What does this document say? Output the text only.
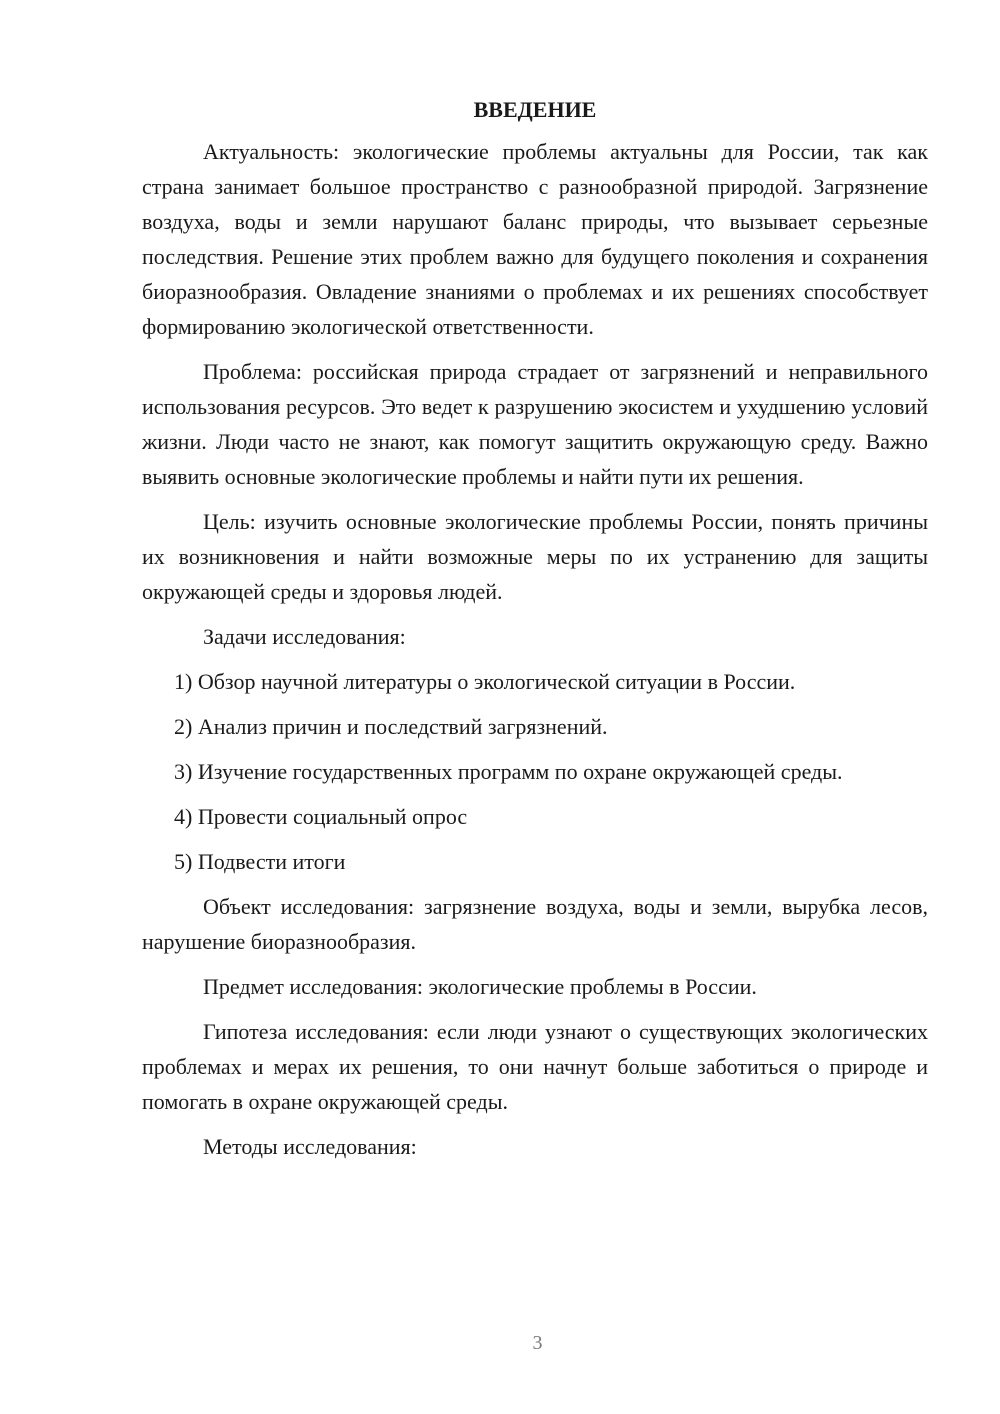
ВВЕДЕНИЕ

Актуальность: экологические проблемы актуальны для России, так как страна занимает большое пространство с разнообразной природой. Загрязнение воздуха, воды и земли нарушают баланс природы, что вызывает серьезные последствия. Решение этих проблем важно для будущего поколения и сохранения биоразнообразия. Овладение знаниями о проблемах и их решениях способствует формированию экологической ответственности.

Проблема: российская природа страдает от загрязнений и неправильного использования ресурсов. Это ведет к разрушению экосистем и ухудшению условий жизни. Люди часто не знают, как помогут защитить окружающую среду. Важно выявить основные экологические проблемы и найти пути их решения.

Цель: изучить основные экологические проблемы России, понять причины их возникновения и найти возможные меры по их устранению для защиты окружающей среды и здоровья людей.

Задачи исследования:

1) Обзор научной литературы о экологической ситуации в России.

2) Анализ причин и последствий загрязнений.

3) Изучение государственных программ по охране окружающей среды.

4) Провести социальный опрос

5) Подвести итоги

Объект исследования: загрязнение воздуха, воды и земли, вырубка лесов, нарушение биоразнообразия.

Предмет исследования: экологические проблемы в России.

Гипотеза исследования: если люди узнают о существующих экологических проблемах и мерах их решения, то они начнут больше заботиться о природе и помогать в охране окружающей среды.

Методы исследования:

3
